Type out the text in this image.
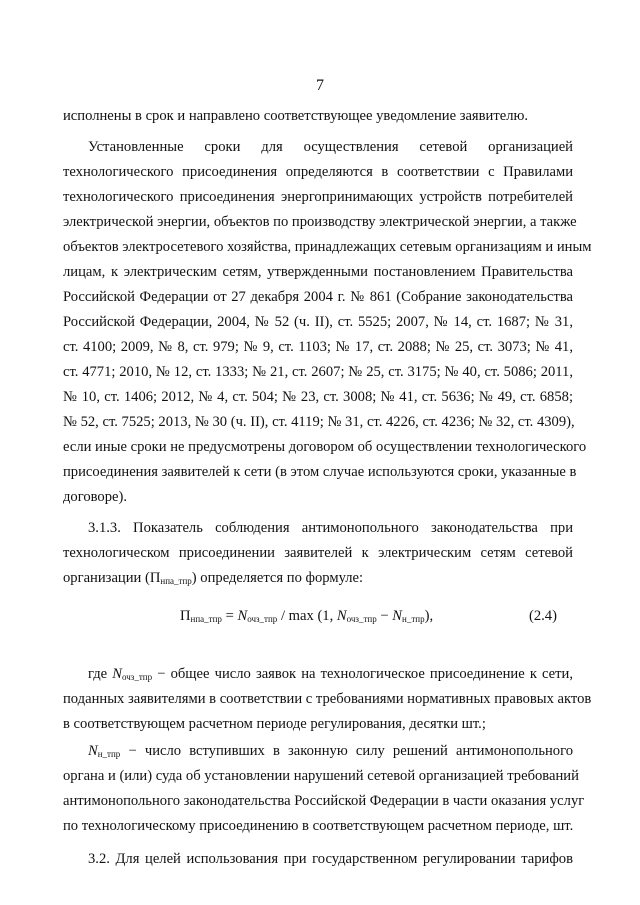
7
исполнены в срок и направлено соответствующее уведомление заявителю.
Установленные сроки для осуществления сетевой организацией
технологического присоединения определяются в соответствии с Правилами
технологического присоединения энергопринимающих устройств потребителей
электрической энергии, объектов по производству электрической энергии, а также
объектов электросетевого хозяйства, принадлежащих сетевым организациям и иным
лицам, к электрическим сетям, утвержденными постановлением Правительства
Российской Федерации от 27 декабря 2004 г. № 861 (Собрание законодательства
Российской Федерации, 2004, № 52 (ч. II), ст. 5525; 2007, № 14, ст. 1687; № 31,
ст. 4100; 2009, № 8, ст. 979; № 9, ст. 1103; № 17, ст. 2088; № 25, ст. 3073; № 41,
ст. 4771; 2010, № 12, ст. 1333; № 21, ст. 2607; № 25, ст. 3175; № 40, ст. 5086; 2011,
№ 10, ст. 1406; 2012, № 4, ст. 504; № 23, ст. 3008; № 41, ст. 5636; № 49, ст. 6858;
№ 52, ст. 7525; 2013, № 30 (ч. II), ст. 4119; № 31, ст. 4226, ст. 4236; № 32, ст. 4309),
если иные сроки не предусмотрены договором об осуществлении технологического
присоединения заявителей к сети (в этом случае используются сроки, указанные в
договоре).
3.1.3. Показатель соблюдения антимонопольного законодательства при
технологическом присоединении заявителей к электрическим сетям сетевой
организации $(П_{нпа\_тпр})$ определяется по формуле:
$П_{нпа\_тпр} = N_{очз\_тпр} / \max (1$, $N_{очз\_тпр} - N_{н\_тпр}$),	(2.4)
где $N_{очз\_тпр}$ − общее число заявок на технологическое присоединение к сети,
поданных заявителями в соответствии с требованиями нормативных правовых актов
в соответствующем расчетном периоде регулирования, десятки шт.;
$N_{н\_тпр}$ − число вступивших в законную силу решений антимонопольного
органа и (или) суда об установлении нарушений сетевой организацией требований
антимонопольного законодательства Российской Федерации в части оказания услуг
по технологическому присоединению в соответствующем расчетном периоде, шт.
3.2. Для целей использования при государственном регулировании тарифов
